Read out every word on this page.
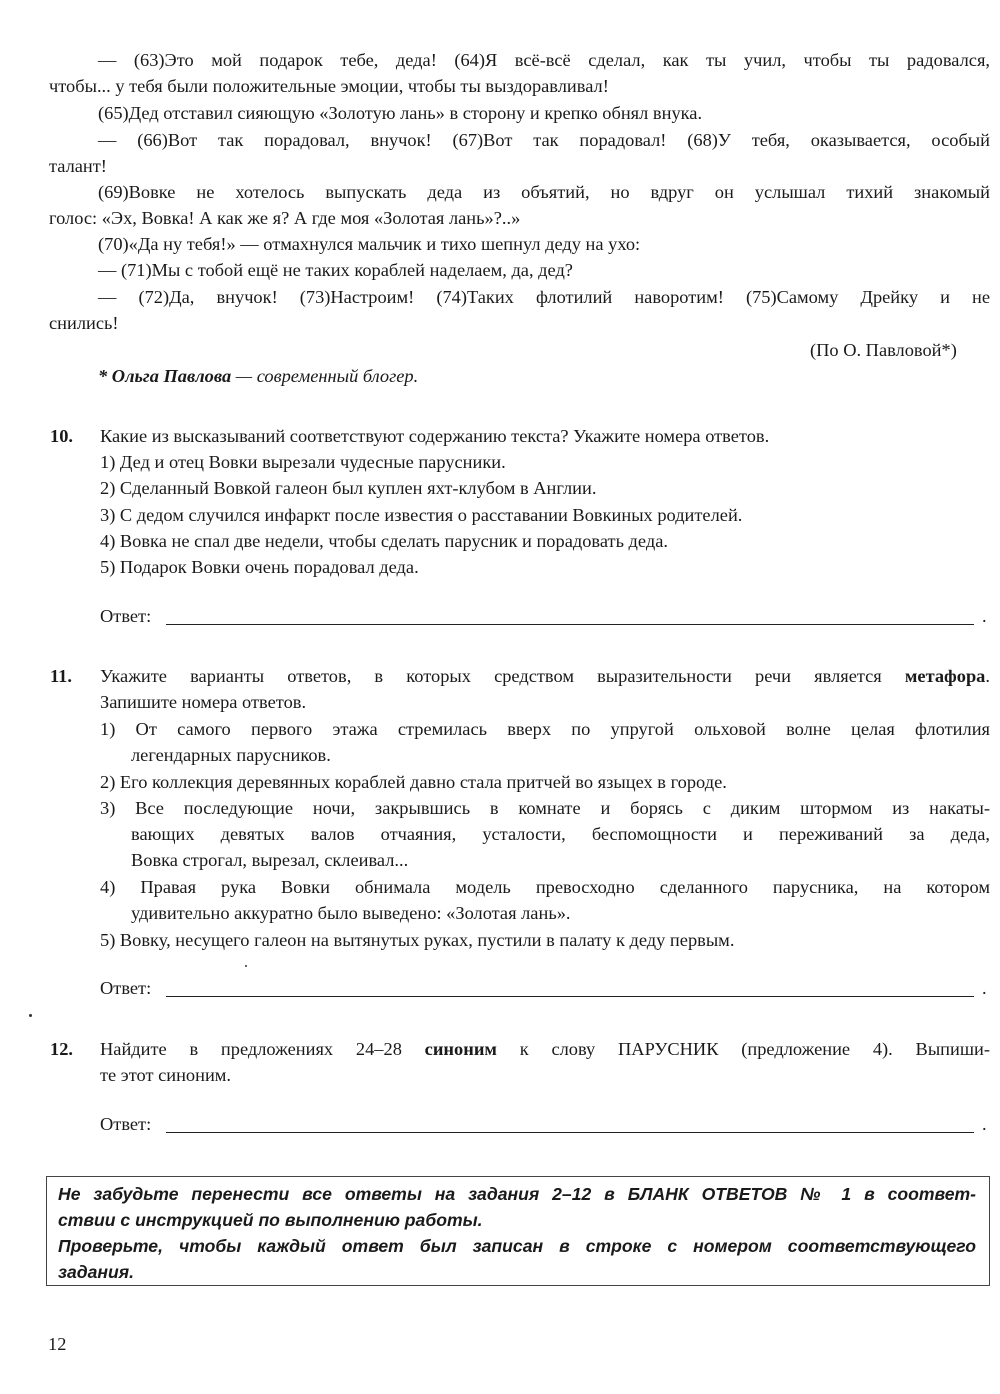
— (63)Это мой подарок тебе, деда! (64)Я всё-всё сделал, как ты учил, чтобы ты радовался,
чтобы... у тебя были положительные эмоции, чтобы ты выздоравливал!
(65)Дед отставил сияющую «Золотую лань» в сторону и крепко обнял внука.
— (66)Вот так порадовал, внучок! (67)Вот так порадовал! (68)У тебя, оказывается, особый
талант!
(69)Вовке не хотелось выпускать деда из объятий, но вдруг он услышал тихий знакомый
голос: «Эх, Вовка! А как же я? А где моя «Золотая лань»?..»
(70)«Да ну тебя!» — отмахнулся мальчик и тихо шепнул деду на ухо:
— (71)Мы с тобой ещё не таких кораблей наделаем, да, дед?
— (72)Да, внучок! (73)Настроим! (74)Таких флотилий наворотим! (75)Самому Дрейку и не
снились!
(По О. Павловой*)
* Ольга Павлова — современный блогер.
10. Какие из высказываний соответствуют содержанию текста? Укажите номера ответов.
1) Дед и отец Вовки вырезали чудесные парусники.
2) Сделанный Вовкой галеон был куплен яхт-клубом в Англии.
3) С дедом случился инфаркт после известия о расставании Вовкиных родителей.
4) Вовка не спал две недели, чтобы сделать парусник и порадовать деда.
5) Подарок Вовки очень порадовал деда.
Ответ:	.
11. Укажите варианты ответов, в которых средством выразительности речи является метафора.
Запишите номера ответов.
1) От самого первого этажа стремилась вверх по упругой ольховой волне целая флотилия
легендарных парусников.
2) Его коллекция деревянных кораблей давно стала притчей во языцех в городе.
3) Все последующие ночи, закрывшись в комнате и борясь с диким штормом из накаты-
вающих девятых валов отчаяния, усталости, беспомощности и переживаний за деда,
Вовка строгал, вырезал, склеивал...
4) Правая рука Вовки обнимала модель превосходно сделанного парусника, на котором
удивительно аккуратно было выведено: «Золотая лань».
5) Вовку, несущего галеон на вытянутых руках, пустили в палату к деду первым.
Ответ:	.
12. Найдите в предложениях 24–28 синоним к слову ПАРУСНИК (предложение 4). Выпиши-
те этот синоним.
Ответ:	.
Не забудьте перенести все ответы на задания 2–12 в БЛАНК ОТВЕТОВ № 1 в соответ-
ствии с инструкцией по выполнению работы.
Проверьте, чтобы каждый ответ был записан в строке с номером соответствующего
задания.
12
